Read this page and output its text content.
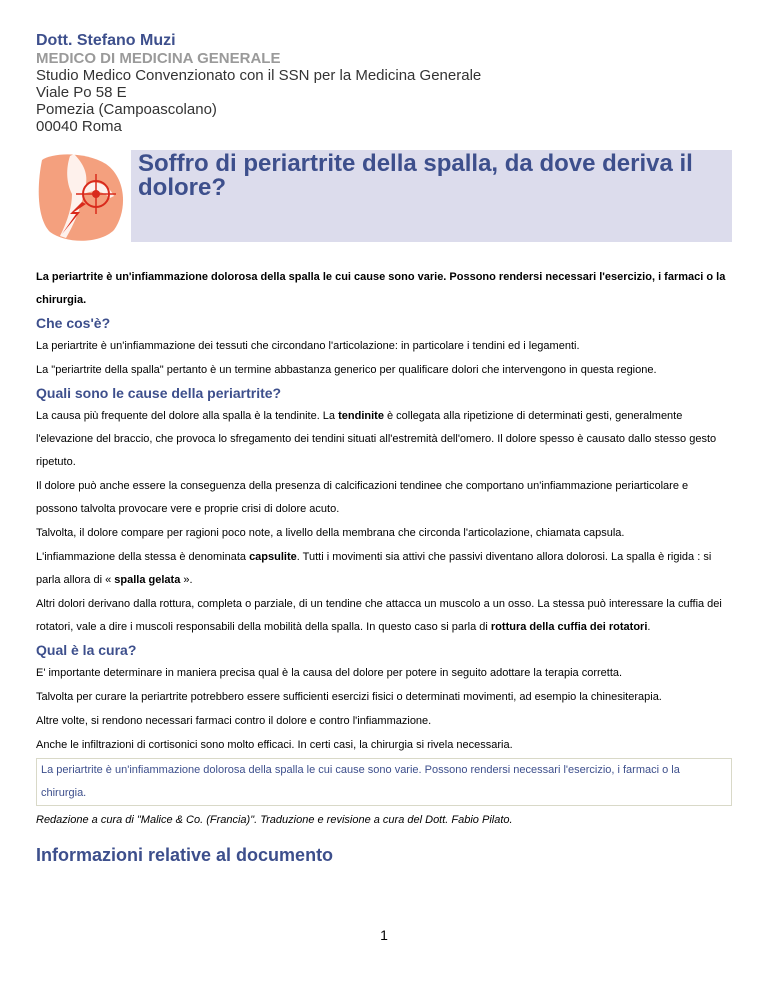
Dott. Stefano Muzi
MEDICO DI MEDICINA GENERALE
Studio Medico Convenzionato con il SSN per la Medicina Generale
Viale Po 58 E
Pomezia (Campoascolano)
00040 Roma
Soffro di periartrite della spalla, da dove deriva il dolore?
La periartrite è un'infiammazione dolorosa della spalla le cui cause sono varie. Possono rendersi necessari l'esercizio, i farmaci o la chirurgia.
Che cos'è?

La periartrite è un'infiammazione dei tessuti che circondano l'articolazione: in particolare i tendini ed i legamenti.

La "periartrite della spalla" pertanto è un termine abbastanza generico per qualificare dolori che intervengono in questa regione.

Quali sono le cause della periartrite?

La causa più frequente del dolore alla spalla è la tendinite. La tendinite è collegata alla ripetizione di determinati gesti, generalmente l'elevazione del braccio, che provoca lo sfregamento dei tendini situati all'estremità dell'omero. Il dolore spesso è causato dallo stesso gesto ripetuto.

Il dolore può anche essere la conseguenza della presenza di calcificazioni tendinee che comportano un'infiammazione periarticolare e possono talvolta provocare vere e proprie crisi di dolore acuto.

Talvolta, il dolore compare per ragioni poco note, a livello della membrana che circonda l'articolazione, chiamata capsula.

L'infiammazione della stessa è denominata capsulite. Tutti i movimenti sia attivi che passivi diventano allora dolorosi. La spalla è rigida : si parla allora di « spalla gelata ».

Altri dolori derivano dalla rottura, completa o parziale, di un tendine che attacca un muscolo a un osso. La stessa può interessare la cuffia dei rotatori, vale a dire i muscoli responsabili della mobilità della spalla. In questo caso si parla di rottura della cuffia dei rotatori.

Qual è la cura?

E' importante determinare in maniera precisa qual è la causa del dolore per potere in seguito adottare la terapia corretta.

Talvolta per curare la periartrite potrebbero essere sufficienti esercizi fisici o determinati movimenti, ad esempio la chinesiterapia.

Altre volte, si rendono necessari farmaci contro il dolore e contro l'infiammazione.

Anche le infiltrazioni di cortisonici sono molto efficaci. In certi casi, la chirurgia si rivela necessaria.

La periartrite è un'infiammazione dolorosa della spalla le cui cause sono varie. Possono rendersi necessari l'esercizio, i farmaci o la chirurgia.
Redazione a cura di "Malice & Co. (Francia)". Traduzione e revisione a cura del Dott. Fabio Pilato.
Informazioni relative al documento
1
